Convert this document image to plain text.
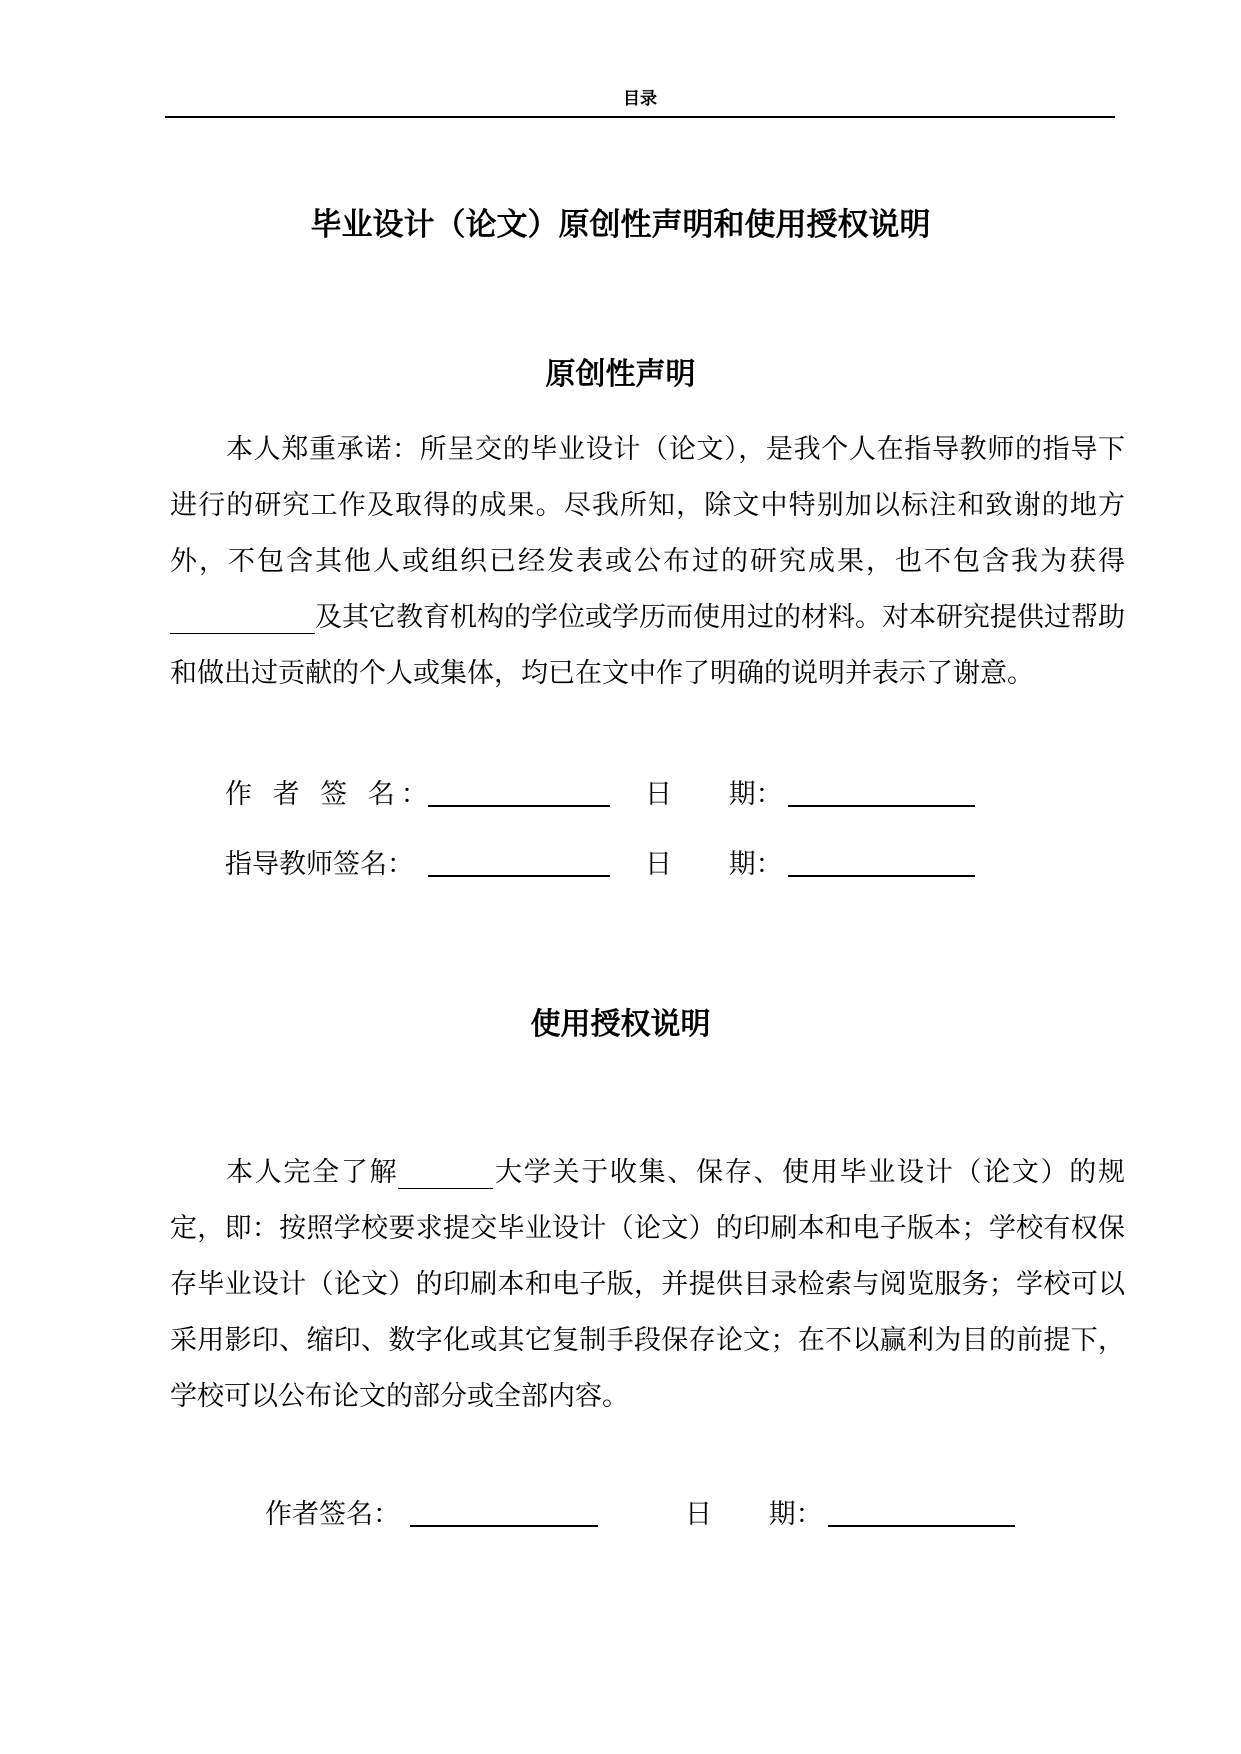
目录
毕业设计（论文）原创性声明和使用授权说明
原创性声明

本人郑重承诺：所呈交的毕业设计（论文），是我个人在指导教师的指导下进行的研究工作及取得的成果。尽我所知，除文中特别加以标注和致谢的地方外，不包含其他人或组织已经发表或公布过的研究成果，也不包含我为获得及其它教育机构的学位或学历而使用过的材料。对本研究提供过帮助和做出过贡献的个人或集体，均已在文中作了明确的说明并表示了谢意。

作 者 签 名：	日 期：
指导教师签名：	日 期：
使用授权说明

本人完全了解	大学关于收集、保存、使用毕业设计（论文）的规定，即：按照学校要求提交毕业设计（论文）的印刷本和电子版本；学校有权保存毕业设计（论文）的印刷本和电子版，并提供目录检索与阅览服务；学校可以采用影印、缩印、数字化或其它复制手段保存论文；在不以赢利为目的前提下，学校可以公布论文的部分或全部内容。

作者签名：	日 期：
